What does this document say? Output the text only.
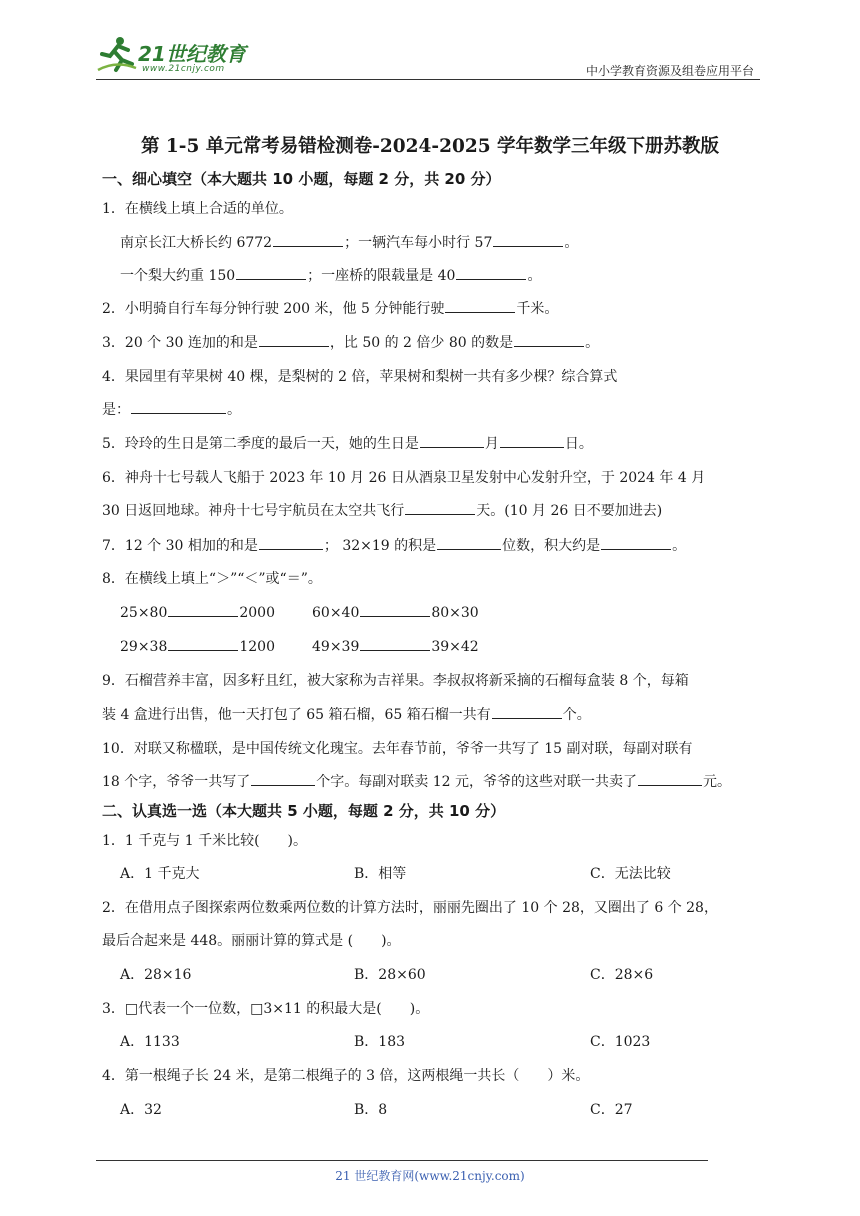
21世纪教育
www.21cnjy.com	中小学教育资源及组卷应用平台
第 1-5 单元常考易错检测卷-2024-2025 学年数学三年级下册苏教版
一、细心填空（本大题共 10 小题，每题 2 分，共 20 分）
1．在横线上填上合适的单位。
南京长江大桥长约 6772	；一辆汽车每小时行 57	。
一个梨大约重 150	；一座桥的限载量是 40	。
2．小明骑自行车每分钟行驶 200 米，他 5 分钟能行驶	千米。
3．20 个 30 连加的和是	，比 50 的 2 倍少 80 的数是	。
4．果园里有苹果树 40 棵，是梨树的 2 倍，苹果树和梨树一共有多少棵？综合算式
是：	。
5．玲玲的生日是第二季度的最后一天，她的生日是	月	日。
6．神舟十七号载人飞船于 2023 年 10 月 26 日从酒泉卫星发射中心发射升空，于 2024 年 4 月
30 日返回地球。神舟十七号宇航员在太空共飞行	天。(10 月 26 日不要加进去)
7．12 个 30 相加的和是	； 32×19 的积是	位数，积大约是	。
8．在横线上填上“＞”“＜”或“＝”。
25×80	2000	60×40	80×30
29×38	1200	49×39	39×42
9．石榴营养丰富，因多籽且红，被大家称为吉祥果。李叔叔将新采摘的石榴每盒装 8 个，每箱
装 4 盒进行出售，他一天打包了 65 箱石榴，65 箱石榴一共有	个。
10．对联又称楹联，是中国传统文化瑰宝。去年春节前，爷爷一共写了 15 副对联，每副对联有
18 个字，爷爷一共写了	个字。每副对联卖 12 元，爷爷的这些对联一共卖了	元。
二、认真选一选（本大题共 5 小题，每题 2 分，共 10 分）
1．1 千克与 1 千米比较(　　)。
A．1 千克大	B．相等	C．无法比较
2．在借用点子图探索两位数乘两位数的计算方法时，丽丽先圈出了 10 个 28，又圈出了 6 个 28，
最后合起来是 448。丽丽计算的算式是 (　　)。
A．28×16	B．28×60	C．28×6
3．□代表一个一位数，□3×11 的积最大是(　　)。
A．1133	B．183	C．1023
4．第一根绳子长 24 米，是第二根绳子的 3 倍，这两根绳一共长（　　）米。
A．32	B．8	C．27
21 世纪教育网(www.21cnjy.com)
